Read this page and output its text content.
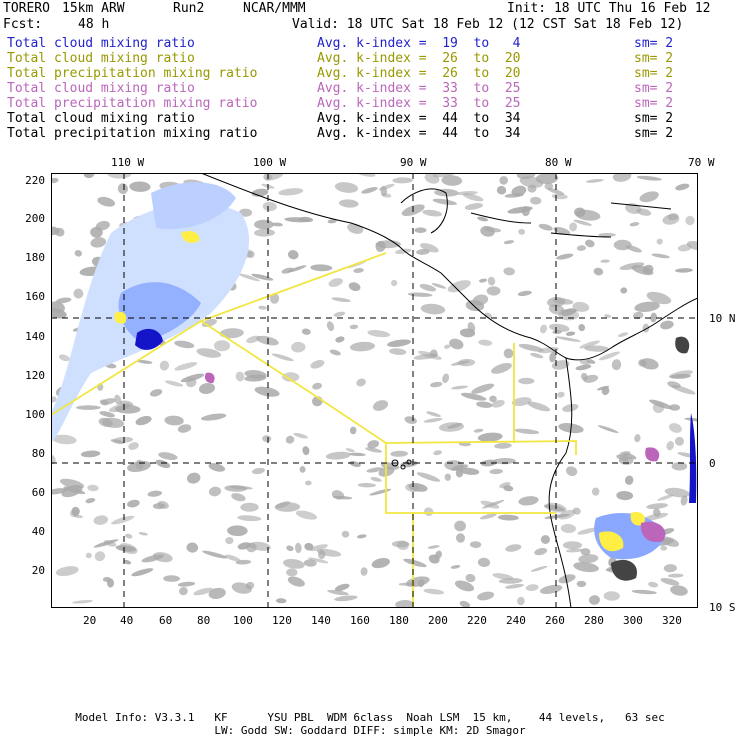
TORERO 15km ARW	Run2	NCAR/MMM	Init: 18 UTC Thu 16 Feb 12
Fcst:	48 h	Valid: 18 UTC Sat 18 Feb 12 (12 CST Sat 18 Feb 12)
Total cloud mixing ratio	Avg. k-index =  19  to   4	sm= 2
Total cloud mixing ratio	Avg. k-index =  26  to  20	sm= 2
Total precipitation mixing ratio	Avg. k-index =  26  to  20	sm= 2
Total cloud mixing ratio	Avg. k-index =  33  to  25	sm= 2
Total precipitation mixing ratio	Avg. k-index =  33  to  25	sm= 2
Total cloud mixing ratio	Avg. k-index =  44  to  34	sm= 2
Total precipitation mixing ratio	Avg. k-index =  44  to  34	sm= 2
110 W	100 W	90 W	80 W	70 W
10 N
0
10 S
220
200
180
160
140
120
100
80
60
40
20
20 40 60 80 100 120 140 160 180 200 220 240 260 280 300 320
Model Info: V3.3.1   KF      YSU PBL  WDM 6class  Noah LSM  15 km,    44 levels,   63 sec
LW: Godd SW: Goddard DIFF: simple KM: 2D Smagor
